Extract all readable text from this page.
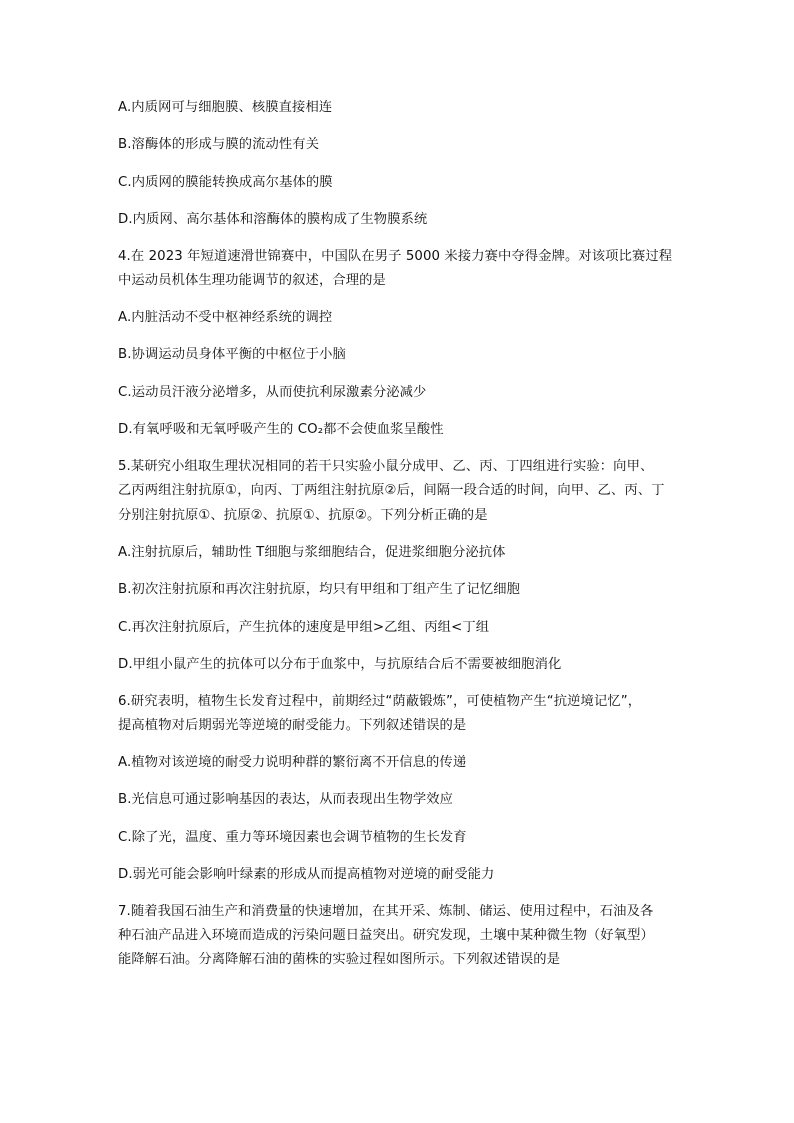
A.内质网可与细胞膜、核膜直接相连
B.溶酶体的形成与膜的流动性有关
C.内质网的膜能转换成高尔基体的膜
D.内质网、高尔基体和溶酶体的膜构成了生物膜系统
4.在 2023 年短道速滑世锦赛中，中国队在男子 5000 米接力赛中夺得金牌。对该项比赛过程
中运动员机体生理功能调节的叙述，合理的是
A.内脏活动不受中枢神经系统的调控
B.协调运动员身体平衡的中枢位于小脑
C.运动员汗液分泌增多，从而使抗利尿激素分泌减少
D.有氧呼吸和无氧呼吸产生的 CO₂都不会使血浆呈酸性
5.某研究小组取生理状况相同的若干只实验小鼠分成甲、乙、丙、丁四组进行实验：向甲、
乙丙两组注射抗原①，向丙、丁两组注射抗原②后，间隔一段合适的时间，向甲、乙、丙、丁
分别注射抗原①、抗原②、抗原①、抗原②。下列分析正确的是
A.注射抗原后，辅助性 T细胞与浆细胞结合，促进浆细胞分泌抗体
B.初次注射抗原和再次注射抗原，均只有甲组和丁组产生了记忆细胞
C.再次注射抗原后，产生抗体的速度是甲组>乙组、丙组<丁组
D.甲组小鼠产生的抗体可以分布于血浆中，与抗原结合后不需要被细胞消化
6.研究表明，植物生长发育过程中，前期经过“荫蔽锻炼”，可使植物产生“抗逆境记忆”，
提高植物对后期弱光等逆境的耐受能力。下列叙述错误的是
A.植物对该逆境的耐受力说明种群的繁衍离不开信息的传递
B.光信息可通过影响基因的表达，从而表现出生物学效应
C.除了光，温度、重力等环境因素也会调节植物的生长发育
D.弱光可能会影响叶绿素的形成从而提高植物对逆境的耐受能力
7.随着我国石油生产和消费量的快速增加，在其开采、炼制、储运、使用过程中，石油及各
种石油产品进入环境而造成的污染问题日益突出。研究发现，土壤中某种微生物（好氧型）
能降解石油。分离降解石油的菌株的实验过程如图所示。下列叙述错误的是
